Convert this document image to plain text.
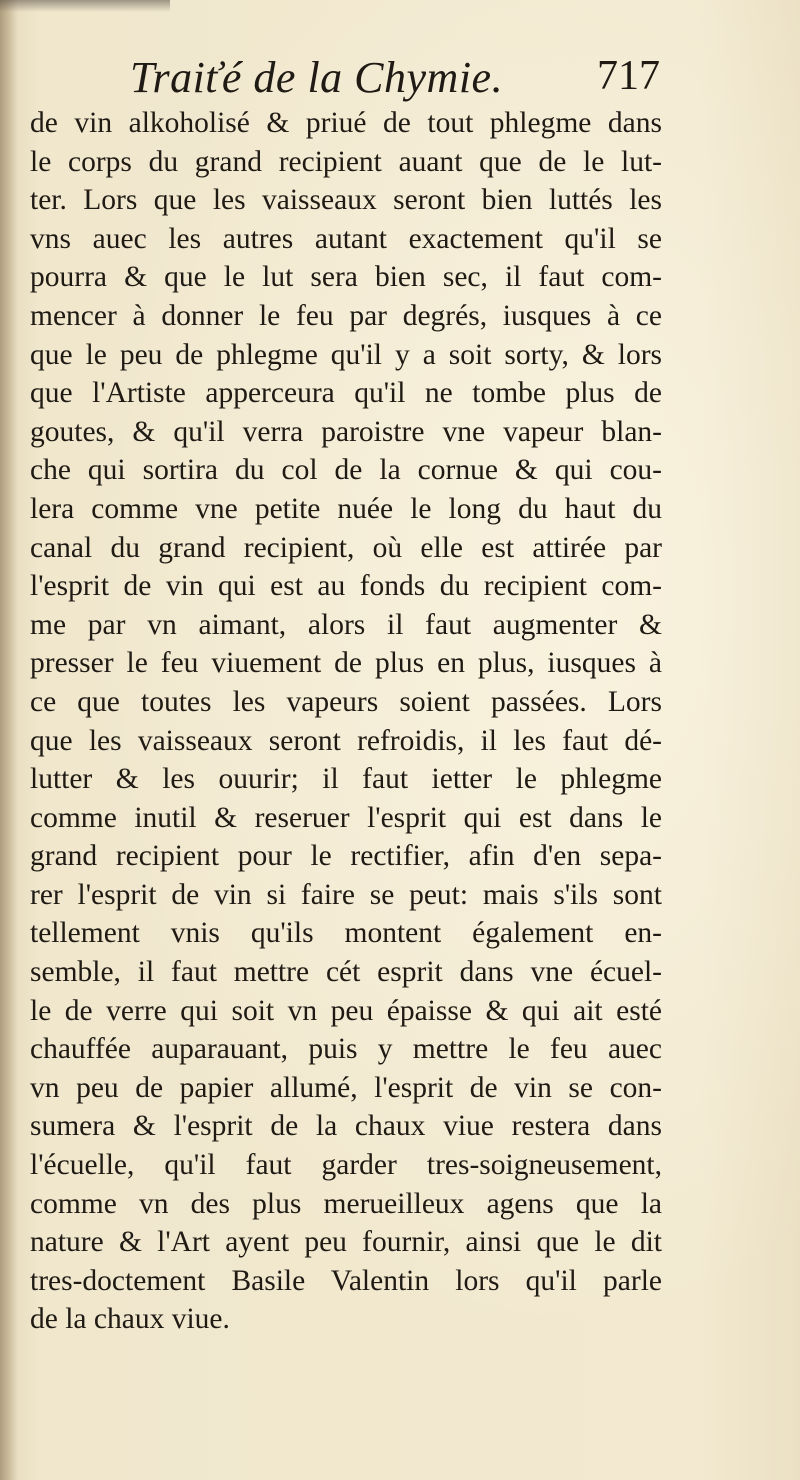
Traiťé de la Chymie. 717
de vin alkoholisé & priué de tout phlegme dans
le corps du grand recipient auant que de le lut-
ter. Lors que les vaisseaux seront bien luttés les
vns auec les autres autant exactement qu'il se
pourra & que le lut sera bien sec, il faut com-
mencer à donner le feu par degrés, iusques à ce
que le peu de phlegme qu'il y a soit sorty, & lors
que l'Artiste apperceura qu'il ne tombe plus de
goutes, & qu'il verra paroistre vne vapeur blan-
che qui sortira du col de la cornue & qui cou-
lera comme vne petite nuée le long du haut du
canal du grand recipient, où elle est attirée par
l'esprit de vin qui est au fonds du recipient com-
me par vn aimant, alors il faut augmenter &
presser le feu viuement de plus en plus, iusques à
ce que toutes les vapeurs soient passées. Lors
que les vaisseaux seront refroidis, il les faut dé-
lutter & les ouurir; il faut ietter le phlegme
comme inutil & reseruer l'esprit qui est dans le
grand recipient pour le rectifier, afin d'en sepa-
rer l'esprit de vin si faire se peut: mais s'ils sont
tellement vnis qu'ils montent également en-
semble, il faut mettre cét esprit dans vne écuel-
le de verre qui soit vn peu épaisse & qui ait esté
chauffée auparauant, puis y mettre le feu auec
vn peu de papier allumé, l'esprit de vin se con-
sumera & l'esprit de la chaux viue restera dans
l'écuelle, qu'il faut garder tres-soigneusement,
comme vn des plus merueilleux agens que la
nature & l'Art ayent peu fournir, ainsi que le dit
tres-doctement Basile Valentin lors qu'il parle
de la chaux viue.
